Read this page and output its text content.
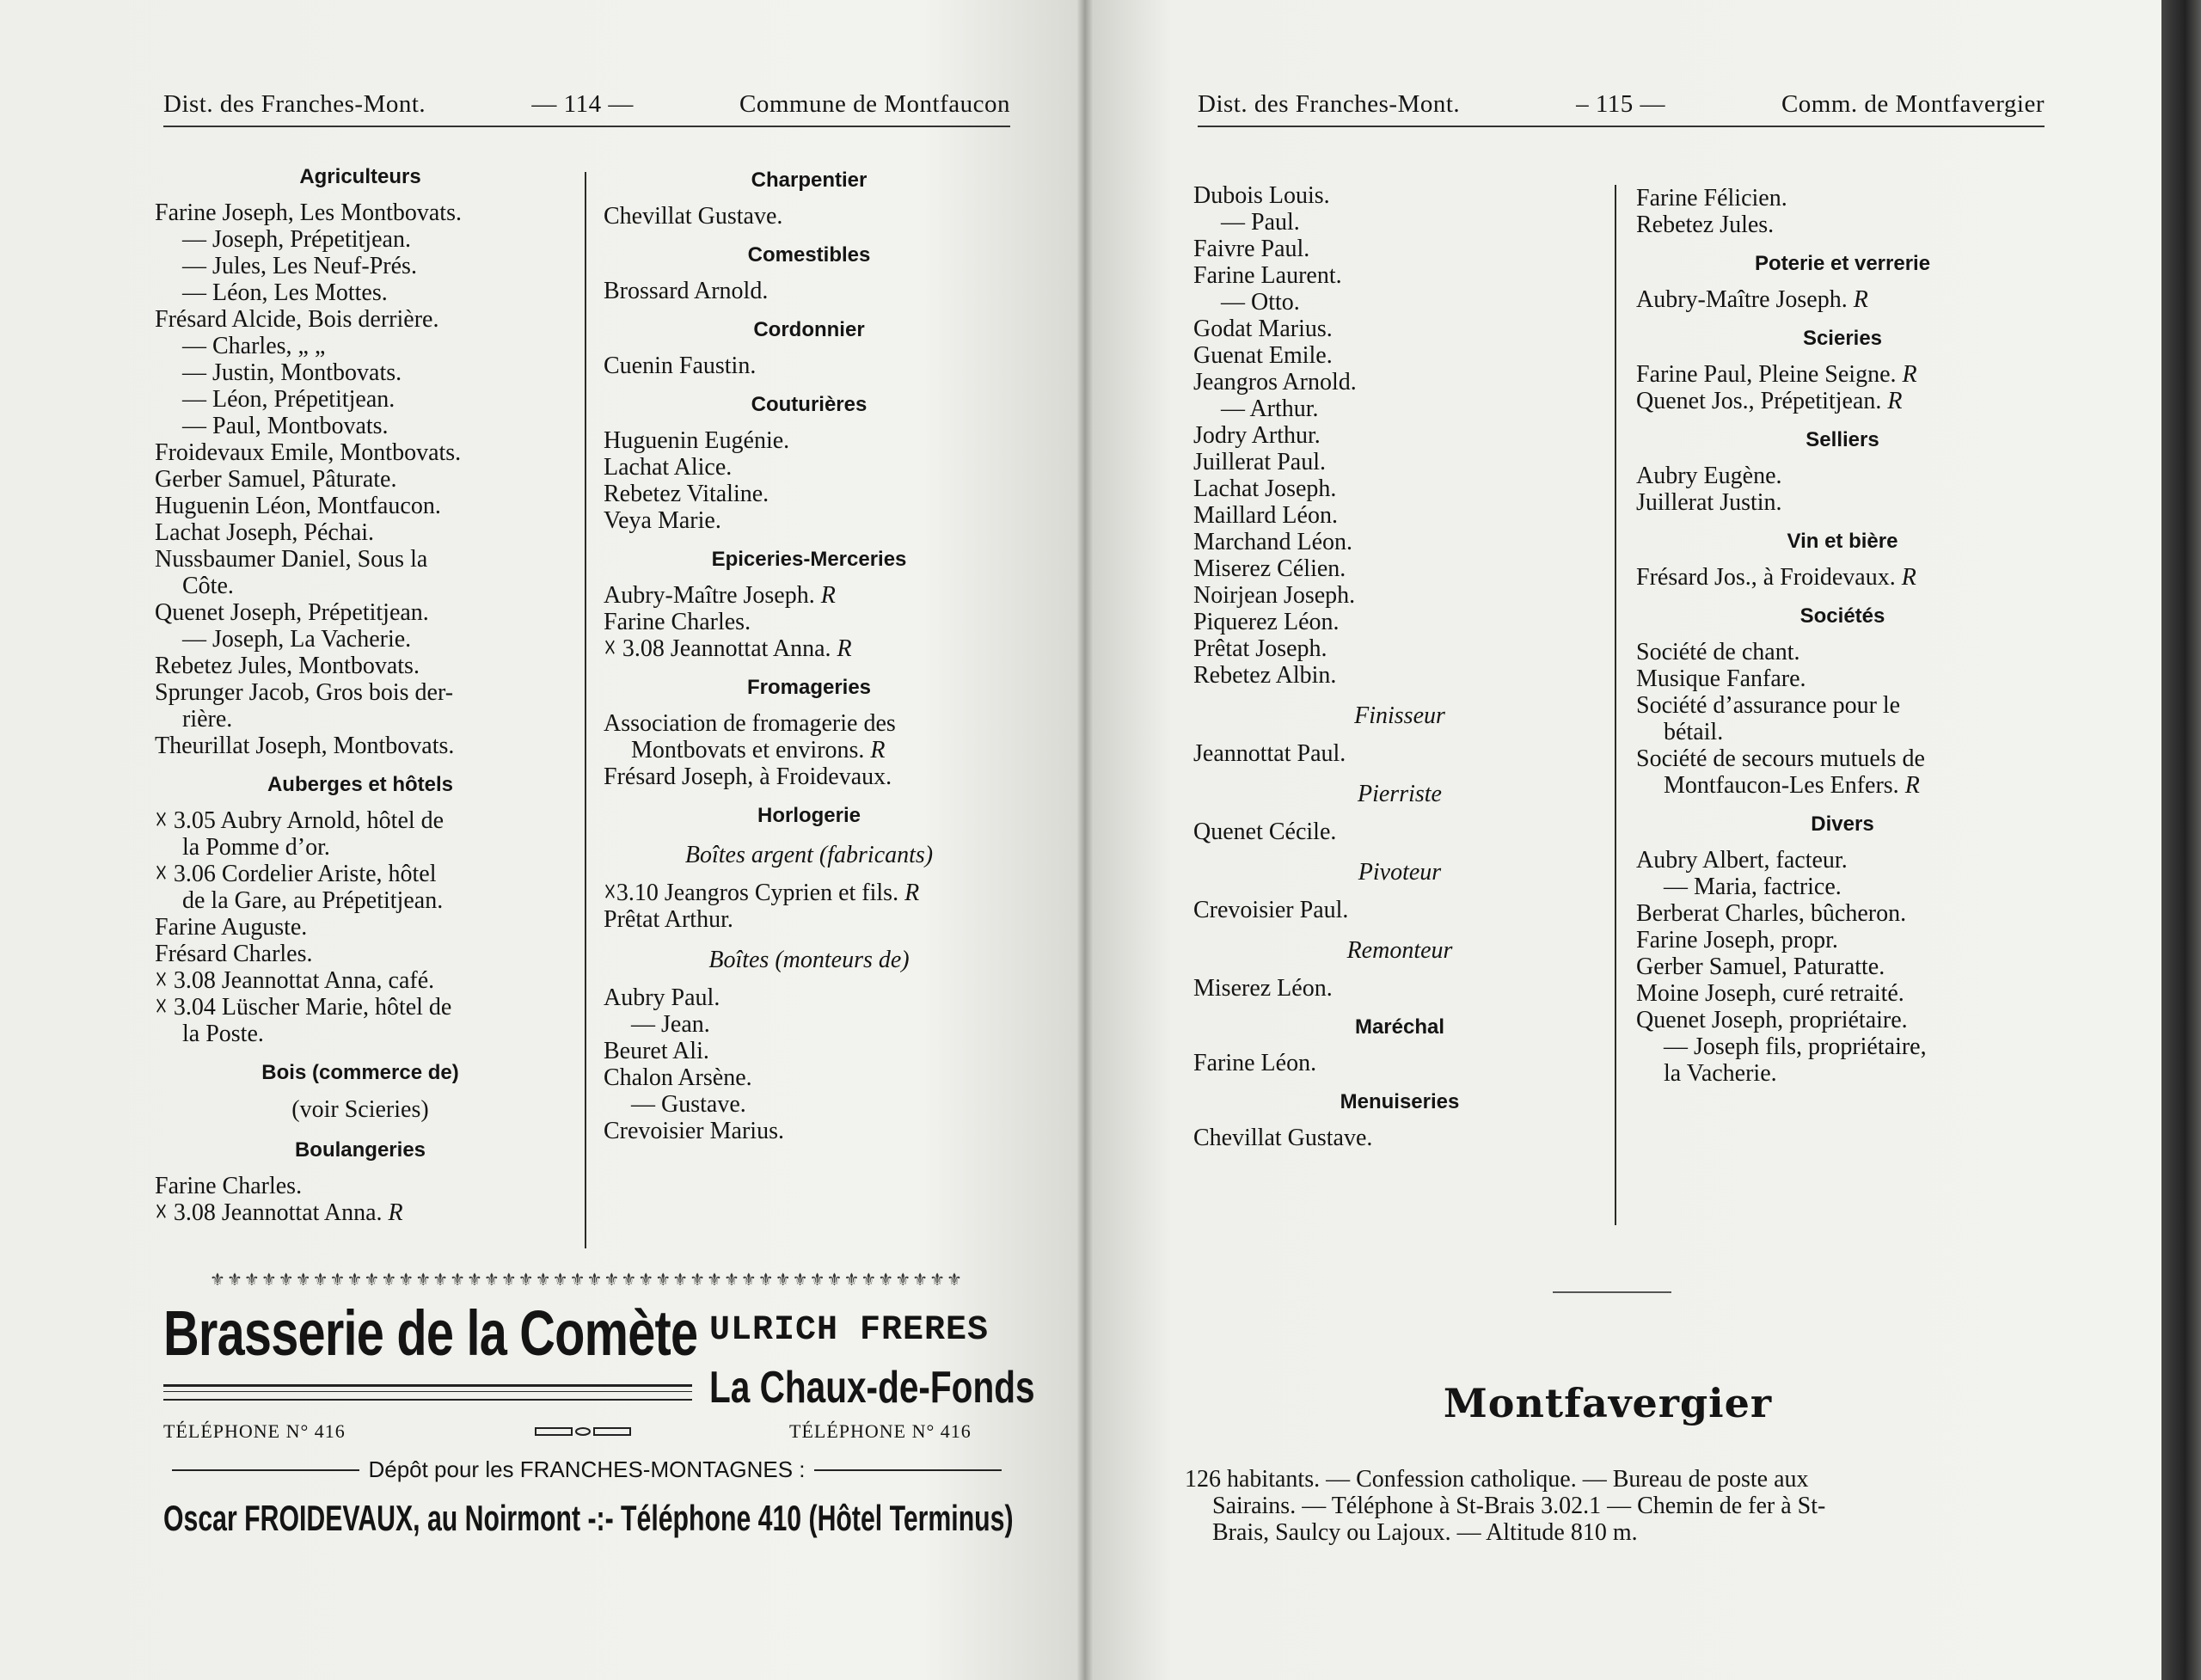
Dist. des Franches-Mont.	— 114 —	Commune de Montfaucon
Agriculteurs
Farine Joseph, Les Montbovats.
— Joseph, Prépetitjean.
— Jules, Les Neuf-Prés.
— Léon, Les Mottes.
Frésard Alcide, Bois derrière.
— Charles, „ „
— Justin, Montbovats.
— Léon, Prépetitjean.
— Paul, Montbovats.
Froidevaux Emile, Montbovats.
Gerber Samuel, Pâturate.
Huguenin Léon, Montfaucon.
Lachat Joseph, Péchai.
Nussbaumer Daniel, Sous la
Côte.
Quenet Joseph, Prépetitjean.
— Joseph, La Vacherie.
Rebetez Jules, Montbovats.
Sprunger Jacob, Gros bois der-
rière.
Theurillat Joseph, Montbovats.
Auberges et hôtels
☓ 3.05 Aubry Arnold, hôtel de
la Pomme d’or.
☓ 3.06 Cordelier Ariste, hôtel
de la Gare, au Prépetitjean.
Farine Auguste.
Frésard Charles.
☓ 3.08 Jeannottat Anna, café.
☓ 3.04 Lüscher Marie, hôtel de
la Poste.
Bois (commerce de)
(voir Scieries)
Boulangeries
Farine Charles.
☓ 3.08 Jeannottat Anna. R
Charpentier
Chevillat Gustave.
Comestibles
Brossard Arnold.
Cordonnier
Cuenin Faustin.
Couturières
Huguenin Eugénie.
Lachat Alice.
Rebetez Vitaline.
Veya Marie.
Epiceries-Merceries
Aubry-Maître Joseph. R
Farine Charles.
☓ 3.08 Jeannottat Anna. R
Fromageries
Association de fromagerie des
Montbovats et environs. R
Frésard Joseph, à Froidevaux.
Horlogerie
Boîtes argent (fabricants)
☓3.10 Jeangros Cyprien et fils. R
Prêtat Arthur.
Boîtes (monteurs de)
Aubry Paul.
— Jean.
Beuret Ali.
Chalon Arsène.
— Gustave.
Crevoisier Marius.
⚜⚜⚜⚜⚜⚜⚜⚜⚜⚜⚜⚜⚜⚜⚜⚜⚜⚜⚜⚜⚜⚜⚜⚜⚜⚜⚜⚜⚜⚜⚜⚜⚜⚜⚜⚜⚜⚜⚜⚜⚜⚜⚜⚜
Brasserie de la Comète ULRICH FRERES
La Chaux-de-Fonds
TÉLÉPHONE N° 416	TÉLÉPHONE N° 416
Dépôt pour les FRANCHES-MONTAGNES :
Oscar FROIDEVAUX, au Noirmont -:- Téléphone 410 (Hôtel Terminus)
Dist. des Franches-Mont.	– 115 —	Comm. de Montfavergier
Dubois Louis.
— Paul.
Faivre Paul.
Farine Laurent.
— Otto.
Godat Marius.
Guenat Emile.
Jeangros Arnold.
— Arthur.
Jodry Arthur.
Juillerat Paul.
Lachat Joseph.
Maillard Léon.
Marchand Léon.
Miserez Célien.
Noirjean Joseph.
Piquerez Léon.
Prêtat Joseph.
Rebetez Albin.
Finisseur
Jeannottat Paul.
Pierriste
Quenet Cécile.
Pivoteur
Crevoisier Paul.
Remonteur
Miserez Léon.
Maréchal
Farine Léon.
Menuiseries
Chevillat Gustave.
Farine Félicien.
Rebetez Jules.
Poterie et verrerie
Aubry-Maître Joseph. R
Scieries
Farine Paul, Pleine Seigne. R
Quenet Jos., Prépetitjean. R
Selliers
Aubry Eugène.
Juillerat Justin.
Vin et bière
Frésard Jos., à Froidevaux. R
Sociétés
Société de chant.
Musique Fanfare.
Société d’assurance pour le
bétail.
Société de secours mutuels de
Montfaucon-Les Enfers. R
Divers
Aubry Albert, facteur.
— Maria, factrice.
Berberat Charles, bûcheron.
Farine Joseph, propr.
Gerber Samuel, Paturatte.
Moine Joseph, curé retraité.
Quenet Joseph, propriétaire.
— Joseph fils, propriétaire,
la Vacherie.
Montfavergier
126 habitants. — Confession catholique. — Bureau de poste aux
Sairains. — Téléphone à St-Brais 3.02.1 — Chemin de fer à St-
Brais, Saulcy ou Lajoux. — Altitude 810 m.
